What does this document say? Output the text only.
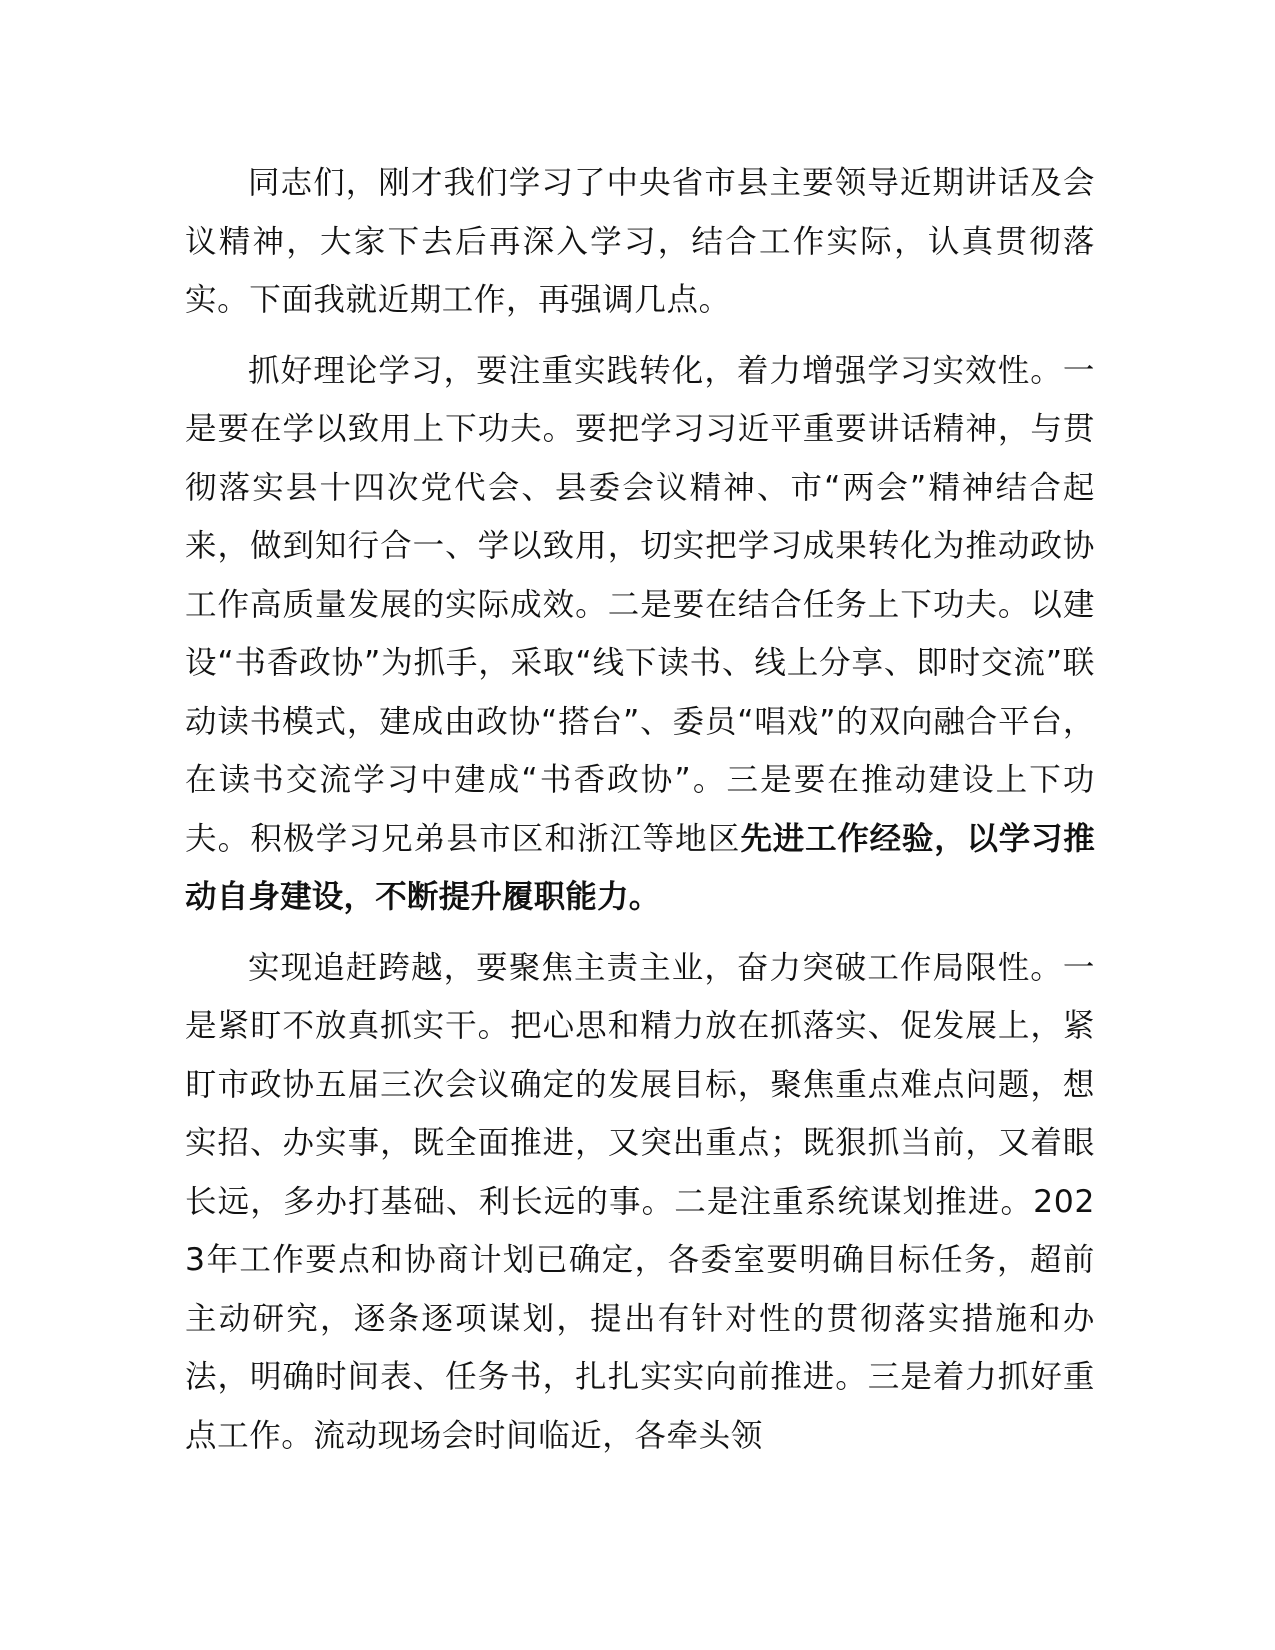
同志们，刚才我们学习了中央省市县主要领导近期讲话及会议精神，大家下去后再深入学习，结合工作实际，认真贯彻落实。下面我就近期工作，再强调几点。

抓好理论学习，要注重实践转化，着力增强学习实效性。一是要在学以致用上下功夫。要把学习习近平重要讲话精神，与贯彻落实县十四次党代会、县委会议精神、市“两会”精神结合起来，做到知行合一、学以致用，切实把学习成果转化为推动政协工作高质量发展的实际成效。二是要在结合任务上下功夫。以建设“书香政协”为抓手，采取“线下读书、线上分享、即时交流”联动读书模式，建成由政协“搭台”、委员“唱戏”的双向融合平台，在读书交流学习中建成“书香政协”。三是要在推动建设上下功夫。积极学习兄弟县市区和浙江等地区先进工作经验，以学习推动自身建设，不断提升履职能力。

实现追赶跨越，要聚焦主责主业，奋力突破工作局限性。一是紧盯不放真抓实干。把心思和精力放在抓落实、促发展上，紧盯市政协五届三次会议确定的发展目标，聚焦重点难点问题，想实招、办实事，既全面推进，又突出重点；既狠抓当前，又着眼长远，多办打基础、利长远的事。二是注重系统谋划推进。2023年工作要点和协商计划已确定，各委室要明确目标任务，超前主动研究，逐条逐项谋划，提出有针对性的贯彻落实措施和办法，明确时间表、任务书，扎扎实实向前推进。三是着力抓好重点工作。流动现场会时间临近，各牵头领
